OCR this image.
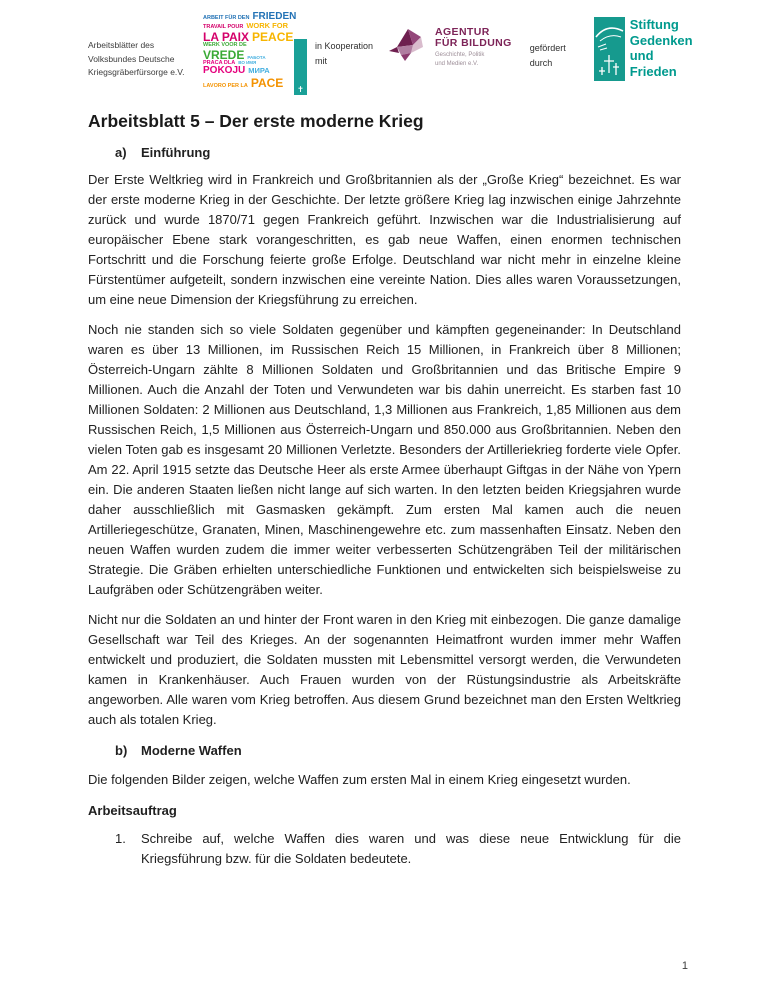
Arbeitsblätter des
Volksbundes Deutsche
Kriegsgräberfürsorge e.V.
ARBEIT FÜR DEN FRIEDEN
TRAVAIL POUR WORK FOR
LA PAIX PEACE
WERK VOOR DE
VREDE РАБОТА
PRACA DLA ВО ИМЯ
POKOJU МИРА
LAVORO PER LA PACE ✝
in Kooperation
mit
AGENTUR
FÜR BILDUNG
Geschichte, Politik
und Medien e.V.
gefördert
durch
Stiftung
Gedenken
und
Frieden
Arbeitsblatt 5 – Der erste moderne Krieg
a)	Einführung

Der Erste Weltkrieg wird in Frankreich und Großbritannien als der „Große Krieg“ bezeichnet. Es war der erste moderne Krieg in der Geschichte. Der letzte größere Krieg lag inzwischen einige Jahrzehnte zurück und wurde 1870/71 gegen Frankreich geführt. Inzwischen war die Industrialisierung auf europäischer Ebene stark vorangeschritten, es gab neue Waffen, einen enormen technischen Fortschritt und die Forschung feierte große Erfolge. Deutschland war nicht mehr in einzelne kleine Fürstentümer aufgeteilt, sondern inzwischen eine vereinte Nation. Dies alles waren Voraussetzungen, um eine neue Dimension der Kriegsführung zu erreichen.

Noch nie standen sich so viele Soldaten gegenüber und kämpften gegeneinander: In Deutschland waren es über 13 Millionen, im Russischen Reich 15 Millionen, in Frankreich über 8 Millionen; Österreich-Ungarn zählte 8 Millionen Soldaten und Großbritannien und das Britische Empire 9 Millionen. Auch die Anzahl der Toten und Verwundeten war bis dahin unerreicht. Es starben fast 10 Millionen Soldaten: 2 Millionen aus Deutschland, 1,3 Millionen aus Frankreich, 1,85 Millionen aus dem Russischen Reich, 1,5 Millionen aus Österreich-Ungarn und 850.000 aus Großbritannien. Neben den vielen Toten gab es insgesamt 20 Millionen Verletzte. Besonders der Artilleriekrieg forderte viele Opfer. Am 22. April 1915 setzte das Deutsche Heer als erste Armee überhaupt Giftgas in der Nähe von Ypern ein. Die anderen Staaten ließen nicht lange auf sich warten. In den letzten beiden Kriegsjahren wurde daher ausschließlich mit Gasmasken gekämpft. Zum ersten Mal kamen auch die neuen Artilleriegeschütze, Granaten, Minen, Maschinengewehre etc. zum massenhaften Einsatz. Neben den neuen Waffen wurden zudem die immer weiter verbesserten Schützengräben Teil der militärischen Strategie. Die Gräben erhielten unterschiedliche Funktionen und entwickelten sich beispielsweise zu Laufgräben oder Schützengräben weiter.

Nicht nur die Soldaten an und hinter der Front waren in den Krieg mit einbezogen. Die ganze damalige Gesellschaft war Teil des Krieges. An der sogenannten Heimatfront wurden immer mehr Waffen entwickelt und produziert, die Soldaten mussten mit Lebensmittel versorgt werden, die Verwundeten kamen in Krankenhäuser. Auch Frauen wurden von der Rüstungsindustrie als Arbeitskräfte angeworben. Alle waren vom Krieg betroffen. Aus diesem Grund bezeichnet man den Ersten Weltkrieg auch als totalen Krieg.

b)	Moderne Waffen

Die folgenden Bilder zeigen, welche Waffen zum ersten Mal in einem Krieg eingesetzt wurden.

Arbeitsauftrag
1.	Schreibe auf, welche Waffen dies waren und was diese neue Entwicklung für die Kriegsführung bzw. für die Soldaten bedeutete.
1
